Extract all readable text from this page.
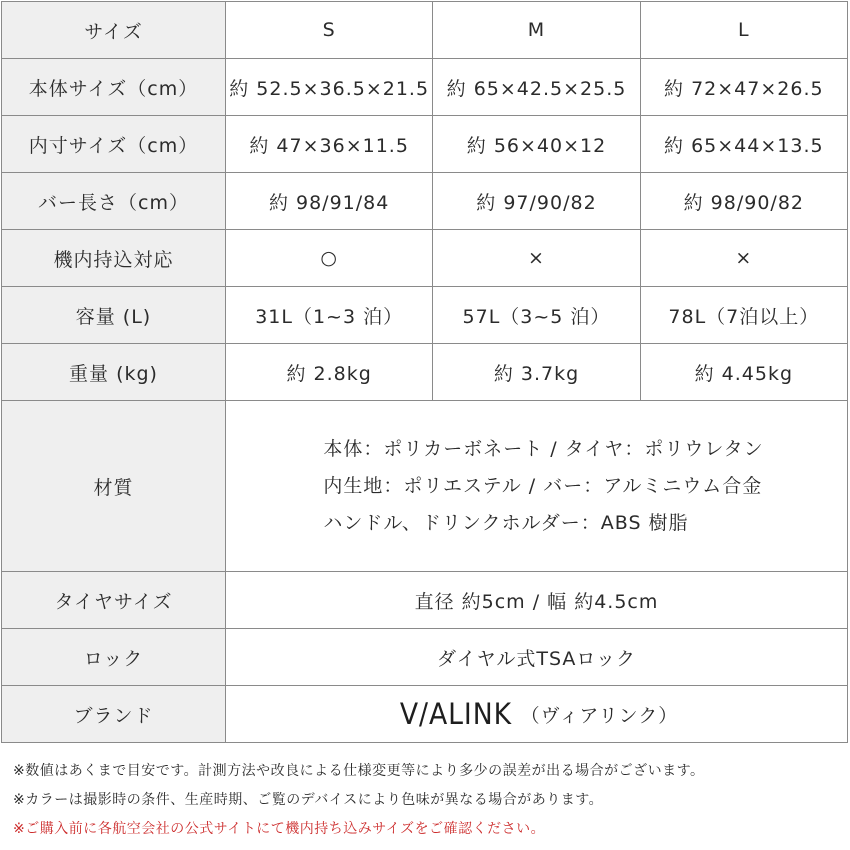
サイズ	S	M	L
本体サイズ（cm）	約 52.5×36.5×21.5	約 65×42.5×25.5	約 72×47×26.5
内寸サイズ（cm）	約 47×36×11.5	約 56×40×12	約 65×44×13.5
バー長さ（cm）	約 98/91/84	約 97/90/82	約 98/90/82
機内持込対応	○	×	×
容量 (L)	31L（1~3 泊）	57L（3~5 泊）	78L（7泊以上）
重量 (kg)	約 2.8kg	約 3.7kg	約 4.45kg
材質	本体：ポリカーボネート / タイヤ：ポリウレタン
内生地：ポリエステル / バー：アルミニウム合金
ハンドル、ドリンクホルダー：ABS 樹脂		

タイヤサイズ	直径 約5cm / 幅 約4.5cm		
ロック	ダイヤル式TSAロック		
ブランド	V/ALINK （ヴィアリンク）		
※数値はあくまで目安です。計測方法や改良による仕様変更等により多少の誤差が出る場合がございます。
※カラーは撮影時の条件、生産時期、ご覧のデバイスにより色味が異なる場合があります。
※ご購入前に各航空会社の公式サイトにて機内持ち込みサイズをご確認ください。
